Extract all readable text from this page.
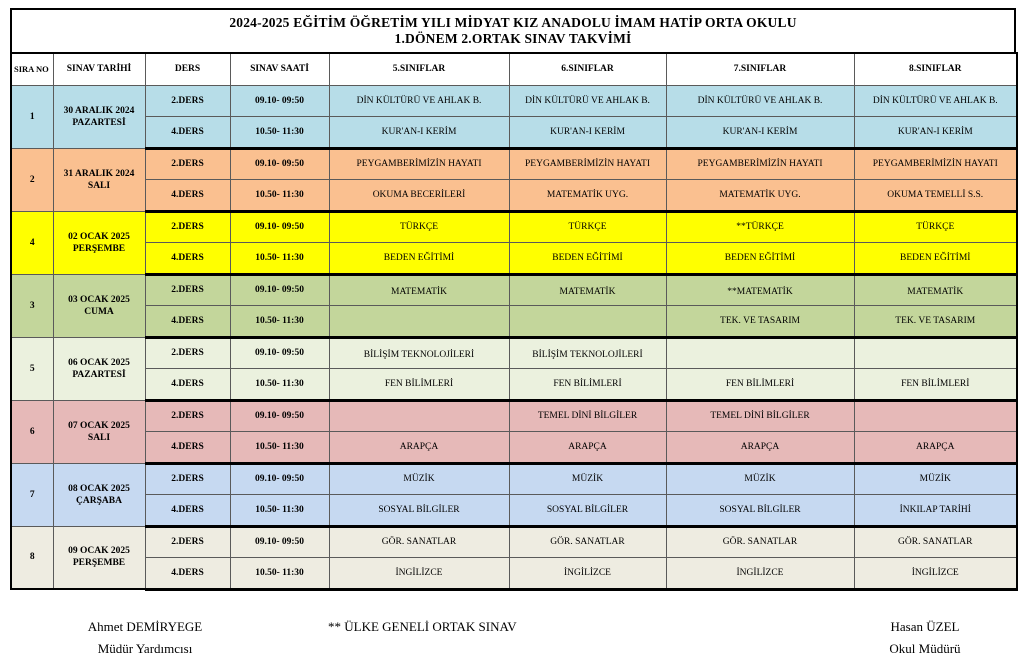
2024-2025 EĞİTİM ÖĞRETİM YILI MİDYAT KIZ ANADOLU İMAM HATİP ORTA OKULU
1.DÖNEM 2.ORTAK SINAV TAKVİMİ
SIRA NO	SINAV TARİHİ	DERS	SINAV SAATİ	5.SINIFLAR	6.SINIFLAR	7.SINIFLAR	8.SINIFLAR
1	30 ARALIK 2024
PAZARTESİ	2.DERS	09.10- 09:50	DİN KÜLTÜRÜ VE AHLAK B.	DİN KÜLTÜRÜ VE AHLAK B.	DİN KÜLTÜRÜ VE AHLAK B.	DİN KÜLTÜRÜ VE AHLAK B.
		4.DERS	10.50- 11:30	KUR'AN-I KERİM	KUR'AN-I KERİM	KUR'AN-I KERİM	KUR'AN-I KERİM
2	31 ARALIK 2024
SALI	2.DERS	09.10- 09:50	PEYGAMBERİMİZİN HAYATI	PEYGAMBERİMİZİN HAYATI	PEYGAMBERİMİZİN HAYATI	PEYGAMBERİMİZİN HAYATI
		4.DERS	10.50- 11:30	OKUMA BECERİLERİ	MATEMATİK UYG.	MATEMATİK UYG.	OKUMA TEMELLİ S.S.
4	02 OCAK 2025
PERŞEMBE	2.DERS	09.10- 09:50	TÜRKÇE	TÜRKÇE	**TÜRKÇE	TÜRKÇE
		4.DERS	10.50- 11:30	BEDEN EĞİTİMİ	BEDEN EĞİTİMİ	BEDEN EĞİTİMİ	BEDEN EĞİTİMİ
3	03 OCAK 2025
CUMA	2.DERS	09.10- 09:50	MATEMATİK	MATEMATİK	**MATEMATİK	MATEMATİK
		4.DERS	10.50- 11:30			TEK. VE TASARIM	TEK. VE TASARIM
5	06 OCAK 2025
PAZARTESİ	2.DERS	09.10- 09:50	BİLİŞİM TEKNOLOJİLERİ	BİLİŞİM TEKNOLOJİLERİ		
		4.DERS	10.50- 11:30	FEN BİLİMLERİ	FEN BİLİMLERİ	FEN BİLİMLERİ	FEN BİLİMLERİ
6	07 OCAK 2025
SALI	2.DERS	09.10- 09:50		TEMEL DİNİ BİLGİLER	TEMEL DİNİ BİLGİLER	
		4.DERS	10.50- 11:30	ARAPÇA	ARAPÇA	ARAPÇA	ARAPÇA
7	08 OCAK 2025
ÇARŞABA	2.DERS	09.10- 09:50	MÜZİK	MÜZİK	MÜZİK	MÜZİK
		4.DERS	10.50- 11:30	SOSYAL BİLGİLER	SOSYAL BİLGİLER	SOSYAL BİLGİLER	İNKILAP TARİHİ
8	09 OCAK 2025
PERŞEMBE	2.DERS	09.10- 09:50	GÖR. SANATLAR	GÖR. SANATLAR	GÖR. SANATLAR	GÖR. SANATLAR
		4.DERS	10.50- 11:30	İNGİLİZCE	İNGİLİZCE	İNGİLİZCE	İNGİLİZCE
Ahmet DEMİRYEGE
Müdür Yardımcısı
** ÜLKE GENELİ ORTAK SINAV	Hasan ÜZEL
Okul Müdürü
